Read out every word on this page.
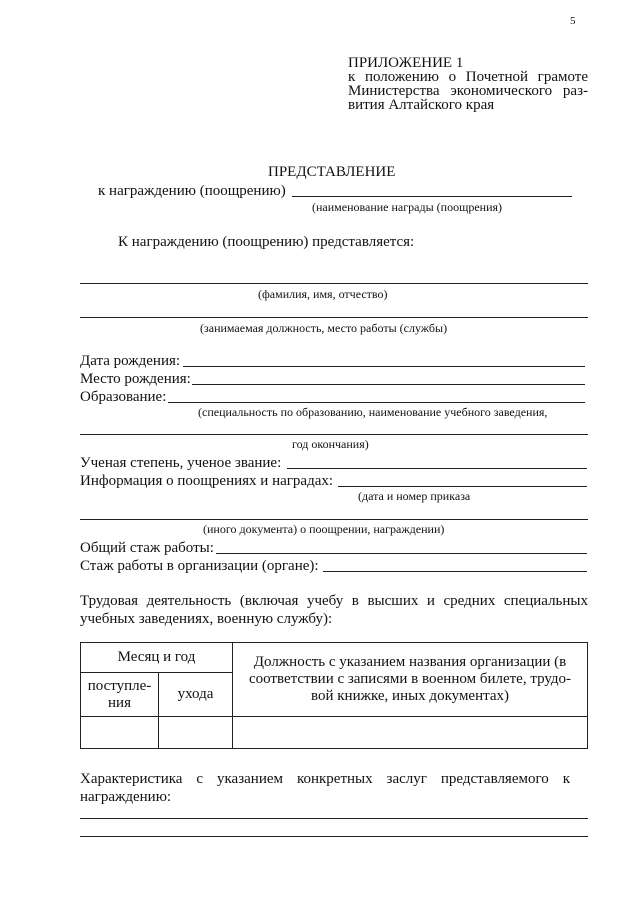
5
ПРИЛОЖЕНИЕ 1
к положению о Почетной грамоте
Министерства экономического раз-
вития Алтайского края
ПРЕДСТАВЛЕНИЕ
к награждению (поощрению)
(наименование награды (поощрения)
К награждению (поощрению) представляется:
(фамилия, имя, отчество)
(занимаемая должность, место работы (службы)
Дата рождения:
Место рождения:
Образование:
(специальность по образованию, наименование учебного заведения,
год окончания)
Ученая степень, ученое звание:
Информация о поощрениях и наградах:
(дата и номер приказа
(иного документа) о поощрении, награждении)
Общий стаж работы:
Стаж работы в организации (органе):
Трудовая деятельность (включая учебу в высших и средних специальных
учебных заведениях, военную службу):
Месяц и год		Должность с указанием названия организации (в соответствии с записями в военном билете, трудо-вой книжке, иных документах)
поступле-ния	ухода	

Характеристика с указанием конкретных заслуг представляемого к
награждению:
